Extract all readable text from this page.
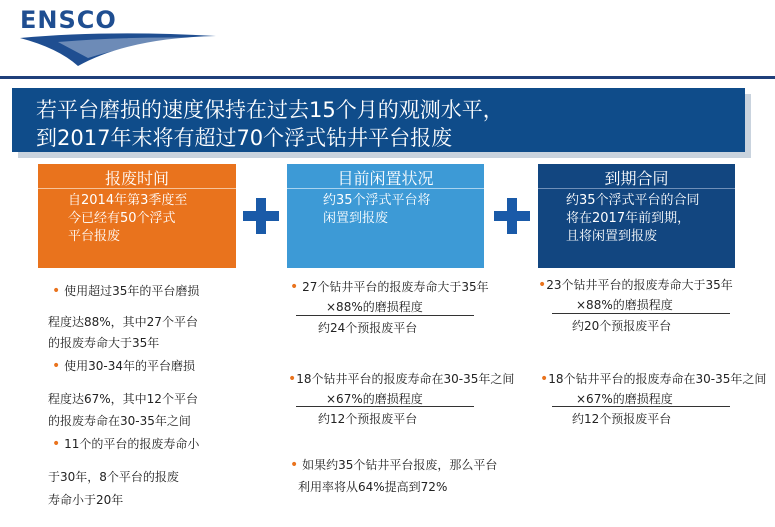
ENSCO
若平台磨损的速度保持在过去15个月的观测水平，
到2017年末将有超过70个浮式钻井平台报废
报废时间
自2014年第3季度至
今已经有50个浮式
平台报废
目前闲置状况
约35个浮式平台将
闲置到报废
到期合同
约35个浮式平台的合同
将在2017年前到期，
且将闲置到报废
• 使用超过35年的平台磨损
程度达88%，其中27个平台
的报废寿命大于35年
• 使用30-34年的平台磨损
程度达67%，其中12个平台
的报废寿命在30-35年之间
• 11个的平台的报废寿命小
于30年，8个平台的报废
寿命小于20年
• 27个钻井平台的报废寿命大于35年
×88%的磨损程度
约24个预报废平台
•18个钻井平台的报废寿命在30-35年之间
×67%的磨损程度
约12个预报废平台
• 如果约35个钻井平台报废，那么平台
利用率将从64%提高到72%
•23个钻井平台的报废寿命大于35年
×88%的磨损程度
约20个预报废平台
•18个钻井平台的报废寿命在30-35年之间
×67%的磨损程度
约12个预报废平台
